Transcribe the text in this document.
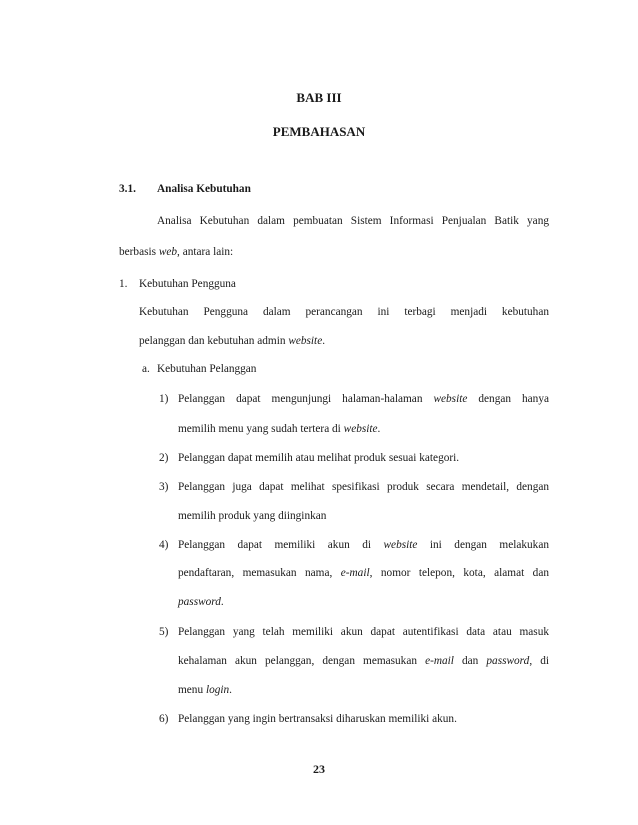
BAB III
PEMBAHASAN
3.1. Analisa Kebutuhan
Analisa Kebutuhan dalam pembuatan Sistem Informasi Penjualan Batik yang
berbasis web, antara lain:
1. Kebutuhan Pengguna
Kebutuhan Pengguna dalam perancangan ini terbagi menjadi kebutuhan
pelanggan dan kebutuhan admin website.
a. Kebutuhan Pelanggan
1) Pelanggan dapat mengunjungi halaman-halaman website dengan hanya
memilih menu yang sudah tertera di website.
2) Pelanggan dapat memilih atau melihat produk sesuai kategori.
3) Pelanggan juga dapat melihat spesifikasi produk secara mendetail, dengan
memilih produk yang diinginkan
4) Pelanggan dapat memiliki akun di website ini dengan melakukan
pendaftaran, memasukan nama, e-mail, nomor telepon, kota, alamat dan
password.
5) Pelanggan yang telah memiliki akun dapat autentifikasi data atau masuk
kehalaman akun pelanggan, dengan memasukan e-mail dan password, di
menu login.
6) Pelanggan yang ingin bertransaksi diharuskan memiliki akun.
23
